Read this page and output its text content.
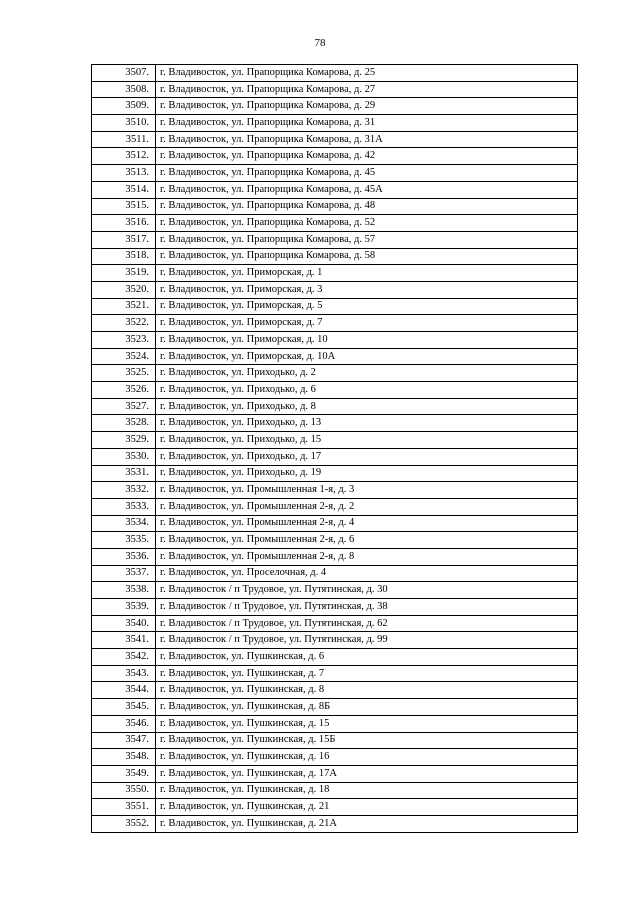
78
3507.	г. Владивосток, ул. Прапорщика Комарова, д. 25
3508.	г. Владивосток, ул. Прапорщика Комарова, д. 27
3509.	г. Владивосток, ул. Прапорщика Комарова, д. 29
3510.	г. Владивосток, ул. Прапорщика Комарова, д. 31
3511.	г. Владивосток, ул. Прапорщика Комарова, д. 31А
3512.	г. Владивосток, ул. Прапорщика Комарова, д. 42
3513.	г. Владивосток, ул. Прапорщика Комарова, д. 45
3514.	г. Владивосток, ул. Прапорщика Комарова, д. 45А
3515.	г. Владивосток, ул. Прапорщика Комарова, д. 48
3516.	г. Владивосток, ул. Прапорщика Комарова, д. 52
3517.	г. Владивосток, ул. Прапорщика Комарова, д. 57
3518.	г. Владивосток, ул. Прапорщика Комарова, д. 58
3519.	г. Владивосток, ул. Приморская, д. 1
3520.	г. Владивосток, ул. Приморская, д. 3
3521.	г. Владивосток, ул. Приморская, д. 5
3522.	г. Владивосток, ул. Приморская, д. 7
3523.	г. Владивосток, ул. Приморская, д. 10
3524.	г. Владивосток, ул. Приморская, д. 10А
3525.	г. Владивосток, ул. Приходько, д. 2
3526.	г. Владивосток, ул. Приходько, д. 6
3527.	г. Владивосток, ул. Приходько, д. 8
3528.	г. Владивосток, ул. Приходько, д. 13
3529.	г. Владивосток, ул. Приходько, д. 15
3530.	г. Владивосток, ул. Приходько, д. 17
3531.	г. Владивосток, ул. Приходько, д. 19
3532.	г. Владивосток, ул. Промышленная 1-я, д. 3
3533.	г. Владивосток, ул. Промышленная 2-я, д. 2
3534.	г. Владивосток, ул. Промышленная 2-я, д. 4
3535.	г. Владивосток, ул. Промышленная 2-я, д. 6
3536.	г. Владивосток, ул. Промышленная 2-я, д. 8
3537.	г. Владивосток, ул. Проселочная, д. 4
3538.	г. Владивосток / п Трудовое, ул. Путятинская, д. 30
3539.	г. Владивосток / п Трудовое, ул. Путятинская, д. 38
3540.	г. Владивосток / п Трудовое, ул. Путятинская, д. 62
3541.	г. Владивосток / п Трудовое, ул. Путятинская, д. 99
3542.	г. Владивосток, ул. Пушкинская, д. 6
3543.	г. Владивосток, ул. Пушкинская, д. 7
3544.	г. Владивосток, ул. Пушкинская, д. 8
3545.	г. Владивосток, ул. Пушкинская, д. 8Б
3546.	г. Владивосток, ул. Пушкинская, д. 15
3547.	г. Владивосток, ул. Пушкинская, д. 15Б
3548.	г. Владивосток, ул. Пушкинская, д. 16
3549.	г. Владивосток, ул. Пушкинская, д. 17А
3550.	г. Владивосток, ул. Пушкинская, д. 18
3551.	г. Владивосток, ул. Пушкинская, д. 21
3552.	г. Владивосток, ул. Пушкинская, д. 21А
